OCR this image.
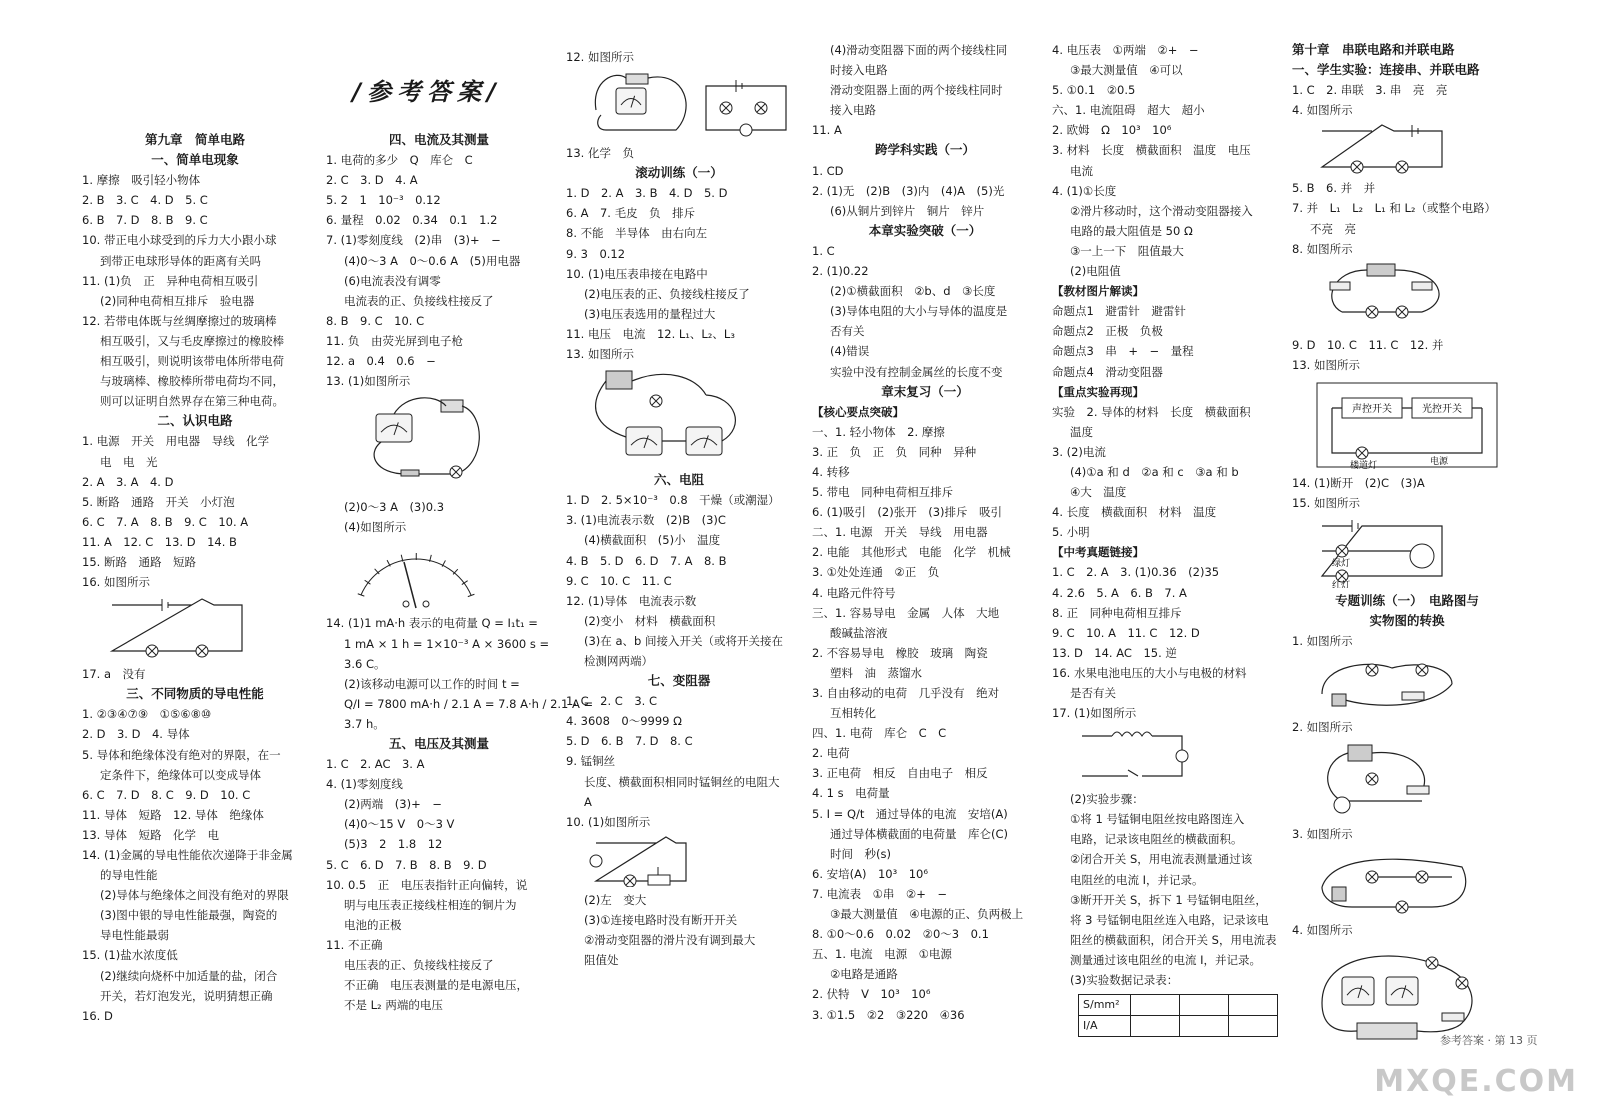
/参考答案/
第九章　简单电路
一、简单电现象
1. 摩擦　吸引轻小物体
2. B　3. C　4. D　5. C
6. B　7. D　8. B　9. C
10. 带正电小球受到的斥力大小跟小球
到带正电球形导体的距离有关吗
11. (1)负　正　异种电荷相互吸引
(2)同种电荷相互排斥　验电器
12. 若带电体既与丝绸摩擦过的玻璃棒
相互吸引，又与毛皮摩擦过的橡胶棒
相互吸引，则说明该带电体所带电荷
与玻璃棒、橡胶棒所带电荷均不同，
则可以证明自然界存在第三种电荷。
二、认识电路
1. 电源　开关　用电器　导线　化学
电　电　光
2. A　3. A　4. D
5. 断路　通路　开关　小灯泡
6. C　7. A　8. B　9. C　10. A
11. A　12. C　13. D　14. B
15. 断路　通路　短路
16. 如图所示
17. a　没有
三、不同物质的导电性能
1. ②③④⑦⑨　①⑤⑥⑧⑩
2. D　3. D　4. 导体
5. 导体和绝缘体没有绝对的界限，在一
定条件下，绝缘体可以变成导体
6. C　7. D　8. C　9. D　10. C
11. 导体　短路　12. 导体　绝缘体
13. 导体　短路　化学　电
14. (1)金属的导电性能依次递降于非金属
的导电性能
(2)导体与绝缘体之间没有绝对的界限
(3)图中银的导电性能最强，陶瓷的
导电性能最弱
15. (1)盐水浓度低
(2)继续向烧杯中加适量的盐，闭合
开关，若灯泡发光，说明猜想正确
16. D
四、电流及其测量
1. 电荷的多少　Q　库仑　C
2. C　3. D　4. A
5. 2　1　10⁻³　0.12
6. 量程　0.02　0.34　0.1　1.2
7. (1)零刻度线　(2)串　(3)+　−
(4)0～3 A　0～0.6 A　(5)用电器
(6)电流表没有调零
电流表的正、负接线柱接反了
8. B　9. C　10. C
11. 负　由荧光屏到电子枪
12. a　0.4　0.6　−
13. (1)如图所示
(2)0～3 A　(3)0.3
(4)如图所示
14. (1)1 mA·h 表示的电荷量 Q = I₁t₁ =
1 mA × 1 h = 1×10⁻³ A × 3600 s =
3.6 C。
(2)该移动电源可以工作的时间 t =
Q/I = 7800 mA·h / 2.1 A = 7.8 A·h / 2.1 A =
3.7 h。
五、电压及其测量
1. C　2. AC　3. A
4. (1)零刻度线
(2)两端　(3)+　−
(4)0～15 V　0～3 V
(5)3　2　1.8　12
5. C　6. D　7. B　8. B　9. D
10. 0.5　正　电压表指针正向偏转，说
明与电压表正接线柱相连的铜片为
电池的正极
11. 不正确
电压表的正、负接线柱接反了
不正确　电压表测量的是电源电压，
不是 L₂ 两端的电压
12. 如图所示
13. 化学　负
滚动训练（一）
1. D　2. A　3. B　4. D　5. D
6. A　7. 毛皮　负　排斥
8. 不能　半导体　由右向左
9. 3　0.12
10. (1)电压表串接在电路中
(2)电压表的正、负接线柱接反了
(3)电压表选用的量程过大
11. 电压　电流　12. L₁、L₂、L₃
13. 如图所示
六、电阻
1. D　2. 5×10⁻³　0.8　干燥（或潮湿）
3. (1)电流表示数　(2)B　(3)C
(4)横截面积　(5)小　温度
4. B　5. D　6. D　7. A　8. B
9. C　10. C　11. C
12. (1)导体　电流表示数
(2)变小　材料　横截面积
(3)在 a、b 间接入开关（或将开关接在
检测网两端）
七、变阻器
1. C　2. C　3. C
4. 3608　0～9999 Ω
5. D　6. B　7. D　8. C
9. 锰铜丝
长度、横截面积相同时锰铜丝的电阻大
A
10. (1)如图所示
(2)左　变大
(3)①连接电路时没有断开开关
②滑动变阻器的滑片没有调到最大
阻值处
(4)滑动变阻器下面的两个接线柱同
时接入电路
滑动变阻器上面的两个接线柱同时
接入电路
11. A
跨学科实践（一）
1. CD
2. (1)无　(2)B　(3)内　(4)A　(5)光
(6)从铜片到锌片　铜片　锌片
本章实验突破（一）
1. C
2. (1)0.22
(2)①横截面积　②b、d　③长度
(3)导体电阻的大小与导体的温度是
否有关
(4)错误
实验中没有控制金属丝的长度不变
章末复习（一）
【核心要点突破】
一、1. 轻小物体　2. 摩擦
3. 正　负　正　负　同种　异种
4. 转移
5. 带电　同种电荷相互排斥
6. (1)吸引　(2)张开　(3)排斥　吸引
二、1. 电源　开关　导线　用电器
2. 电能　其他形式　电能　化学　机械
3. ①处处连通　②正　负
4. 电路元件符号
三、1. 容易导电　金属　人体　大地
酸碱盐溶液
2. 不容易导电　橡胶　玻璃　陶瓷
塑料　油　蒸馏水
3. 自由移动的电荷　几乎没有　绝对
互相转化
四、1. 电荷　库仑　C　C
2. 电荷
3. 正电荷　相反　自由电子　相反
4. 1 s　电荷量
5. I = Q/t　通过导体的电流　安培(A)
通过导体横截面的电荷量　库仑(C)
时间　秒(s)
6. 安培(A)　10³　10⁶
7. 电流表　①串　②+　−
③最大测量值　④电源的正、负两极上
8. ①0～0.6　0.02　②0～3　0.1
五、1. 电流　电源　①电源
②电路是通路
2. 伏特　V　10³　10⁶
3. ①1.5　②2　③220　④36
4. 电压表　①两端　②+　−
③最大测量值　④可以
5. ①0.1　②0.5
六、1. 电流阻碍　超大　超小
2. 欧姆　Ω　10³　10⁶
3. 材料　长度　横截面积　温度　电压
电流
4. (1)①长度
②滑片移动时，这个滑动变阻器接入
电路的最大阻值是 50 Ω
③一上一下　阻值最大
(2)电阻值
【教材图片解读】
命题点1　避雷针　避雷针
命题点2　正极　负极
命题点3　串　+　−　量程
命题点4　滑动变阻器
【重点实验再现】
实验　2. 导体的材料　长度　横截面积
温度
3. (2)电流
(4)①a 和 d　②a 和 c　③a 和 b
④大　温度
4. 长度　横截面积　材料　温度
5. 小明
【中考真题链接】
1. C　2. A　3. (1)0.36　(2)35
4. 2.6　5. A　6. B　7. A
8. 正　同种电荷相互排斥
9. C　10. A　11. C　12. D
13. D　14. AC　15. 逆
16. 水果电池电压的大小与电极的材料
是否有关
17. (1)如图所示
(2)实验步骤：
①将 1 号锰铜电阻丝按电路图连入
电路，记录该电阻丝的横截面积。
②闭合开关 S，用电流表测量通过该
电阻丝的电流 I，并记录。
③断开开关 S，拆下 1 号锰铜电阻丝，
将 3 号锰铜电阻丝连入电路，记录该电
阻丝的横截面积，闭合开关 S，用电流表
测量通过该电阻丝的电流 I，并记录。
(3)实验数据记录表：
S/mm²			
I/A			
第十章　串联电路和并联电路
一、学生实验：连接串、并联电路
1. C　2. 串联　3. 串　亮　亮
4. 如图所示
5. B　6. 并　并
7. 并　L₁　L₂　L₁ 和 L₂（或整个电路）
不亮　亮
8. 如图所示
9. D　10. C　11. C　12. 并
13. 如图所示
声控开关	光控开关
楼道灯	电源
14. (1)断开　(2)C　(3)A
15. 如图所示
绿灯
红灯
专题训练（一）　电路图与
实物图的转换
1. 如图所示
2. 如图所示
3. 如图所示
4. 如图所示
参考答案 · 第 13 页
MXQE.COM
